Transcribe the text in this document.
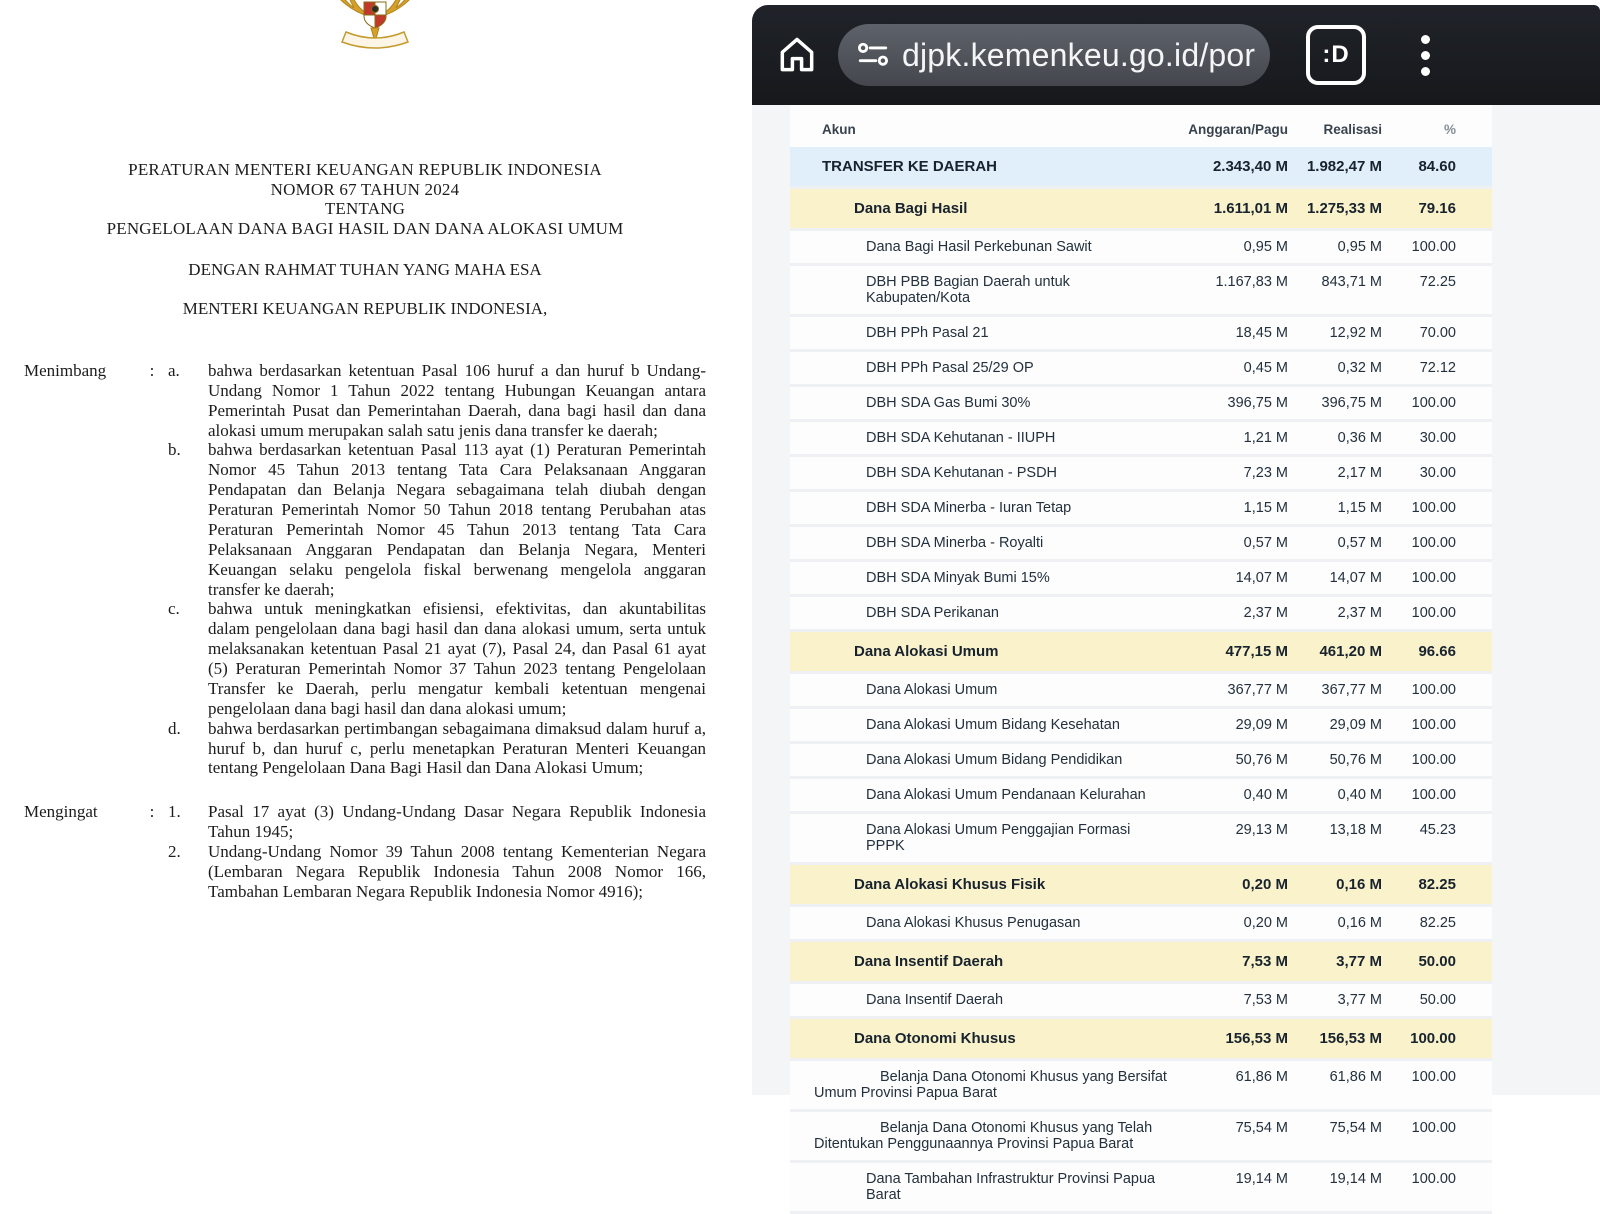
PERATURAN MENTERI KEUANGAN REPUBLIK INDONESIA
NOMOR 67 TAHUN 2024
TENTANG
PENGELOLAAN DANA BAGI HASIL DAN DANA ALOKASI UMUM
DENGAN RAHMAT TUHAN YANG MAHA ESA
MENTERI KEUANGAN REPUBLIK INDONESIA,
Menimbang	: a.	bahwa berdasarkan ketentuan Pasal 106 huruf a dan huruf b Undang-Undang Nomor 1 Tahun 2022 tentang Hubungan Keuangan antara Pemerintah Pusat dan Pemerintahan Daerah, dana bagi hasil dan dana alokasi umum merupakan salah satu jenis dana transfer ke daerah;
b.	bahwa berdasarkan ketentuan Pasal 113 ayat (1) Peraturan Pemerintah Nomor 45 Tahun 2013 tentang Tata Cara Pelaksanaan Anggaran Pendapatan dan Belanja Negara sebagaimana telah diubah dengan Peraturan Pemerintah Nomor 50 Tahun 2018 tentang Perubahan atas Peraturan Pemerintah Nomor 45 Tahun 2013 tentang Tata Cara Pelaksanaan Anggaran Pendapatan dan Belanja Negara, Menteri Keuangan selaku pengelola fiskal berwenang mengelola anggaran transfer ke daerah;
c.	bahwa untuk meningkatkan efisiensi, efektivitas, dan akuntabilitas dalam pengelolaan dana bagi hasil dan dana alokasi umum, serta untuk melaksanakan ketentuan Pasal 21 ayat (7), Pasal 24, dan Pasal 61 ayat (5) Peraturan Pemerintah Nomor 37 Tahun 2023 tentang Pengelolaan Transfer ke Daerah, perlu mengatur kembali ketentuan mengenai pengelolaan dana bagi hasil dan dana alokasi umum;
d.	bahwa berdasarkan pertimbangan sebagaimana dimaksud dalam huruf a, huruf b, dan huruf c, perlu menetapkan Peraturan Menteri Keuangan tentang Pengelolaan Dana Bagi Hasil dan Dana Alokasi Umum;
Mengingat	: 1.	Pasal 17 ayat (3) Undang-Undang Dasar Negara Republik Indonesia Tahun 1945;
2.	Undang-Undang Nomor 39 Tahun 2008 tentang Kementerian Negara (Lembaran Negara Republik Indonesia Tahun 2008 Nomor 166, Tambahan Lembaran Negara Republik Indonesia Nomor 4916);
djpk.kemenkeu.go.id/por	:D
Akun	Anggaran/Pagu	Realisasi	%
TRANSFER KE DAERAH	2.343,40 M	1.982,47 M	84.60
Dana Bagi Hasil	1.611,01 M	1.275,33 M	79.16
Dana Bagi Hasil Perkebunan Sawit	0,95 M	0,95 M	100.00
DBH PBB Bagian Daerah untuk Kabupaten/Kota
1.167,83 M	843,71 M	72.25
DBH PPh Pasal 21	18,45 M	12,92 M	70.00
DBH PPh Pasal 25/29 OP	0,45 M	0,32 M	72.12
DBH SDA Gas Bumi 30%	396,75 M	396,75 M	100.00
DBH SDA Kehutanan - IIUPH	1,21 M	0,36 M	30.00
DBH SDA Kehutanan - PSDH	7,23 M	2,17 M	30.00
DBH SDA Minerba - Iuran Tetap	1,15 M	1,15 M	100.00
DBH SDA Minerba - Royalti	0,57 M	0,57 M	100.00
DBH SDA Minyak Bumi 15%	14,07 M	14,07 M	100.00
DBH SDA Perikanan	2,37 M	2,37 M	100.00
Dana Alokasi Umum	477,15 M	461,20 M	96.66
Dana Alokasi Umum	367,77 M	367,77 M	100.00
Dana Alokasi Umum Bidang Kesehatan	29,09 M	29,09 M	100.00
Dana Alokasi Umum Bidang Pendidikan	50,76 M	50,76 M	100.00
Dana Alokasi Umum Pendanaan Kelurahan	0,40 M	0,40 M	100.00
Dana Alokasi Umum Penggajian Formasi PPPK
29,13 M	13,18 M	45.23
Dana Alokasi Khusus Fisik	0,20 M	0,16 M	82.25
Dana Alokasi Khusus Penugasan	0,20 M	0,16 M	82.25
Dana Insentif Daerah	7,53 M	3,77 M	50.00
Dana Insentif Daerah	7,53 M	3,77 M	50.00
Dana Otonomi Khusus	156,53 M	156,53 M	100.00
Belanja Dana Otonomi Khusus yang Bersifat Umum Provinsi Papua Barat
61,86 M	61,86 M	100.00
Belanja Dana Otonomi Khusus yang Telah Ditentukan Penggunaannya Provinsi Papua Barat
75,54 M	75,54 M	100.00
Dana Tambahan Infrastruktur Provinsi Papua Barat
19,14 M	19,14 M	100.00
